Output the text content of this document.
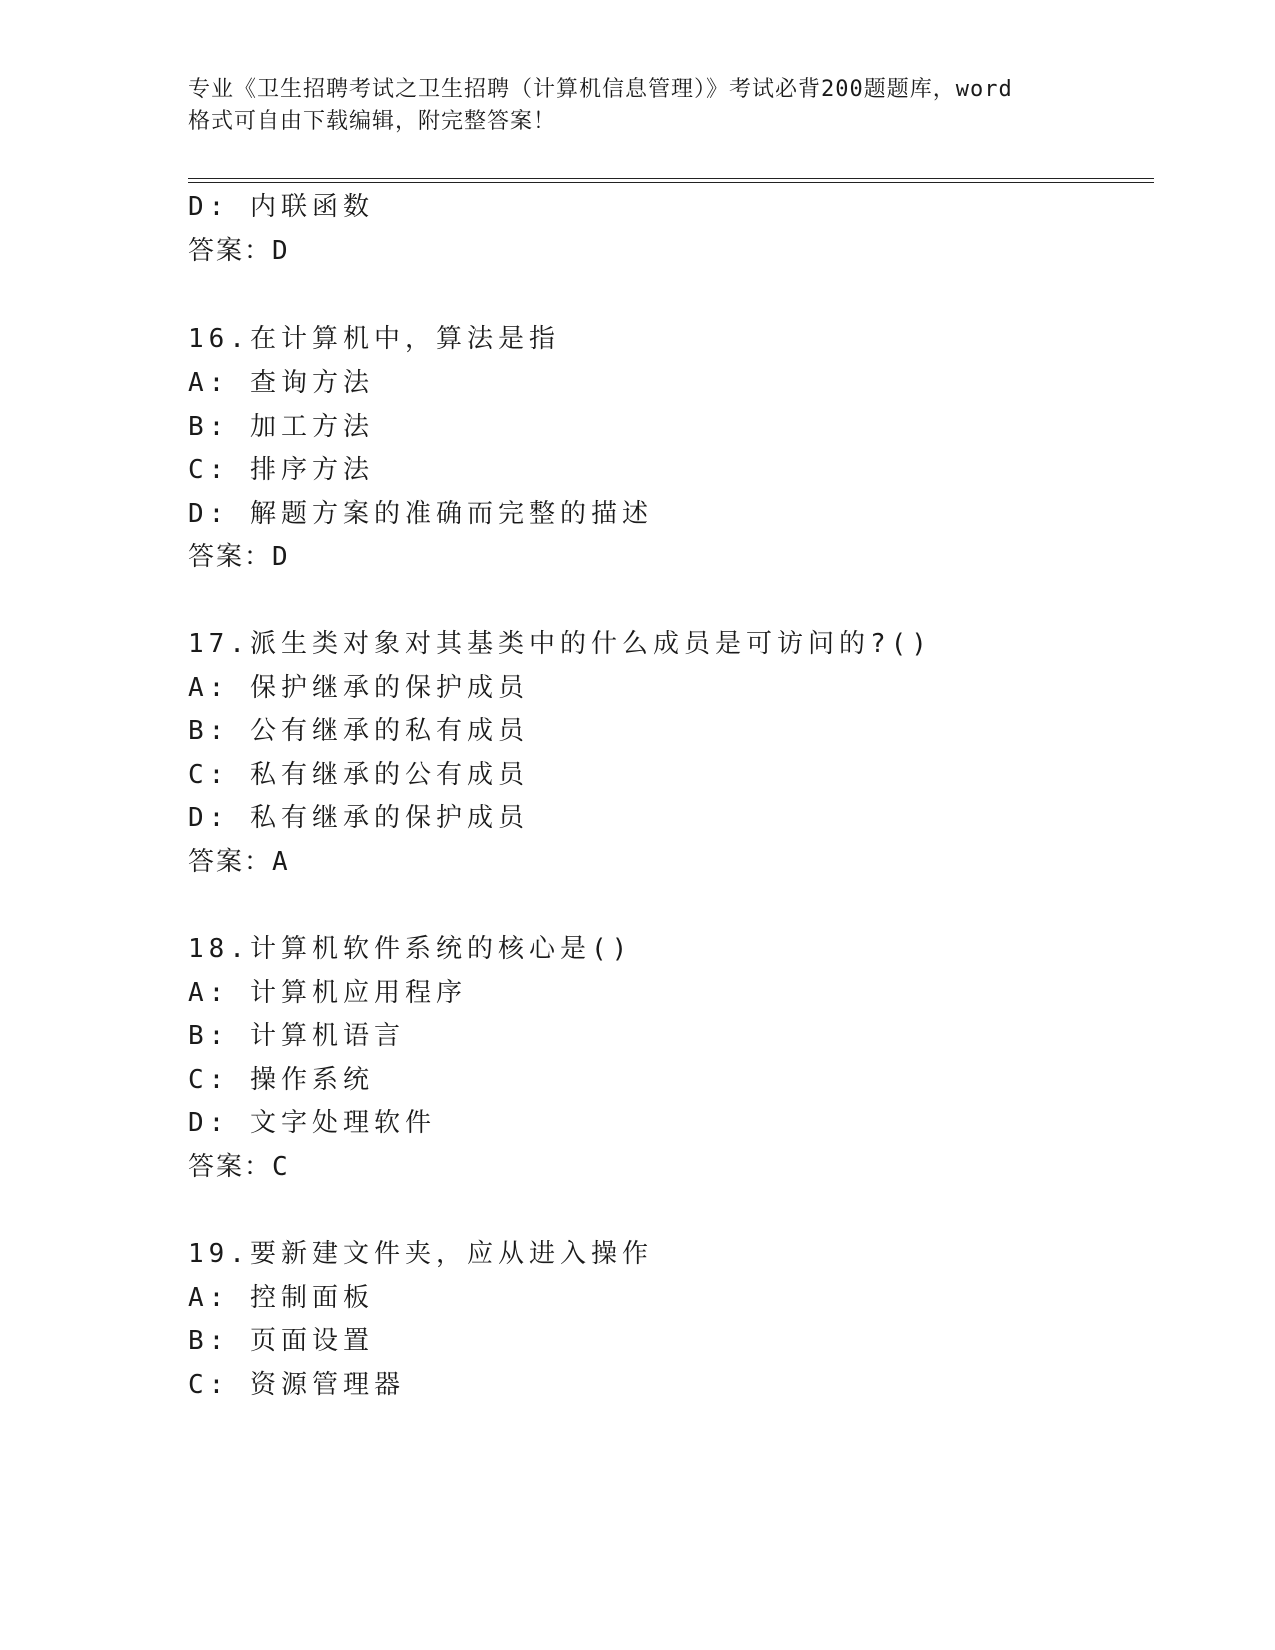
专业《卫生招聘考试之卫生招聘（计算机信息管理）》考试必背200题题库，word
格式可自由下载编辑，附完整答案！
D: 内联函数
答案：D
16.在计算机中，算法是指
A: 查询方法
B: 加工方法
C: 排序方法
D: 解题方案的准确而完整的描述
答案：D
17.派生类对象对其基类中的什么成员是可访问的?()
A: 保护继承的保护成员
B: 公有继承的私有成员
C: 私有继承的公有成员
D: 私有继承的保护成员
答案：A
18.计算机软件系统的核心是()
A: 计算机应用程序
B: 计算机语言
C: 操作系统
D: 文字处理软件
答案：C
19.要新建文件夹，应从进入操作
A: 控制面板
B: 页面设置
C: 资源管理器
